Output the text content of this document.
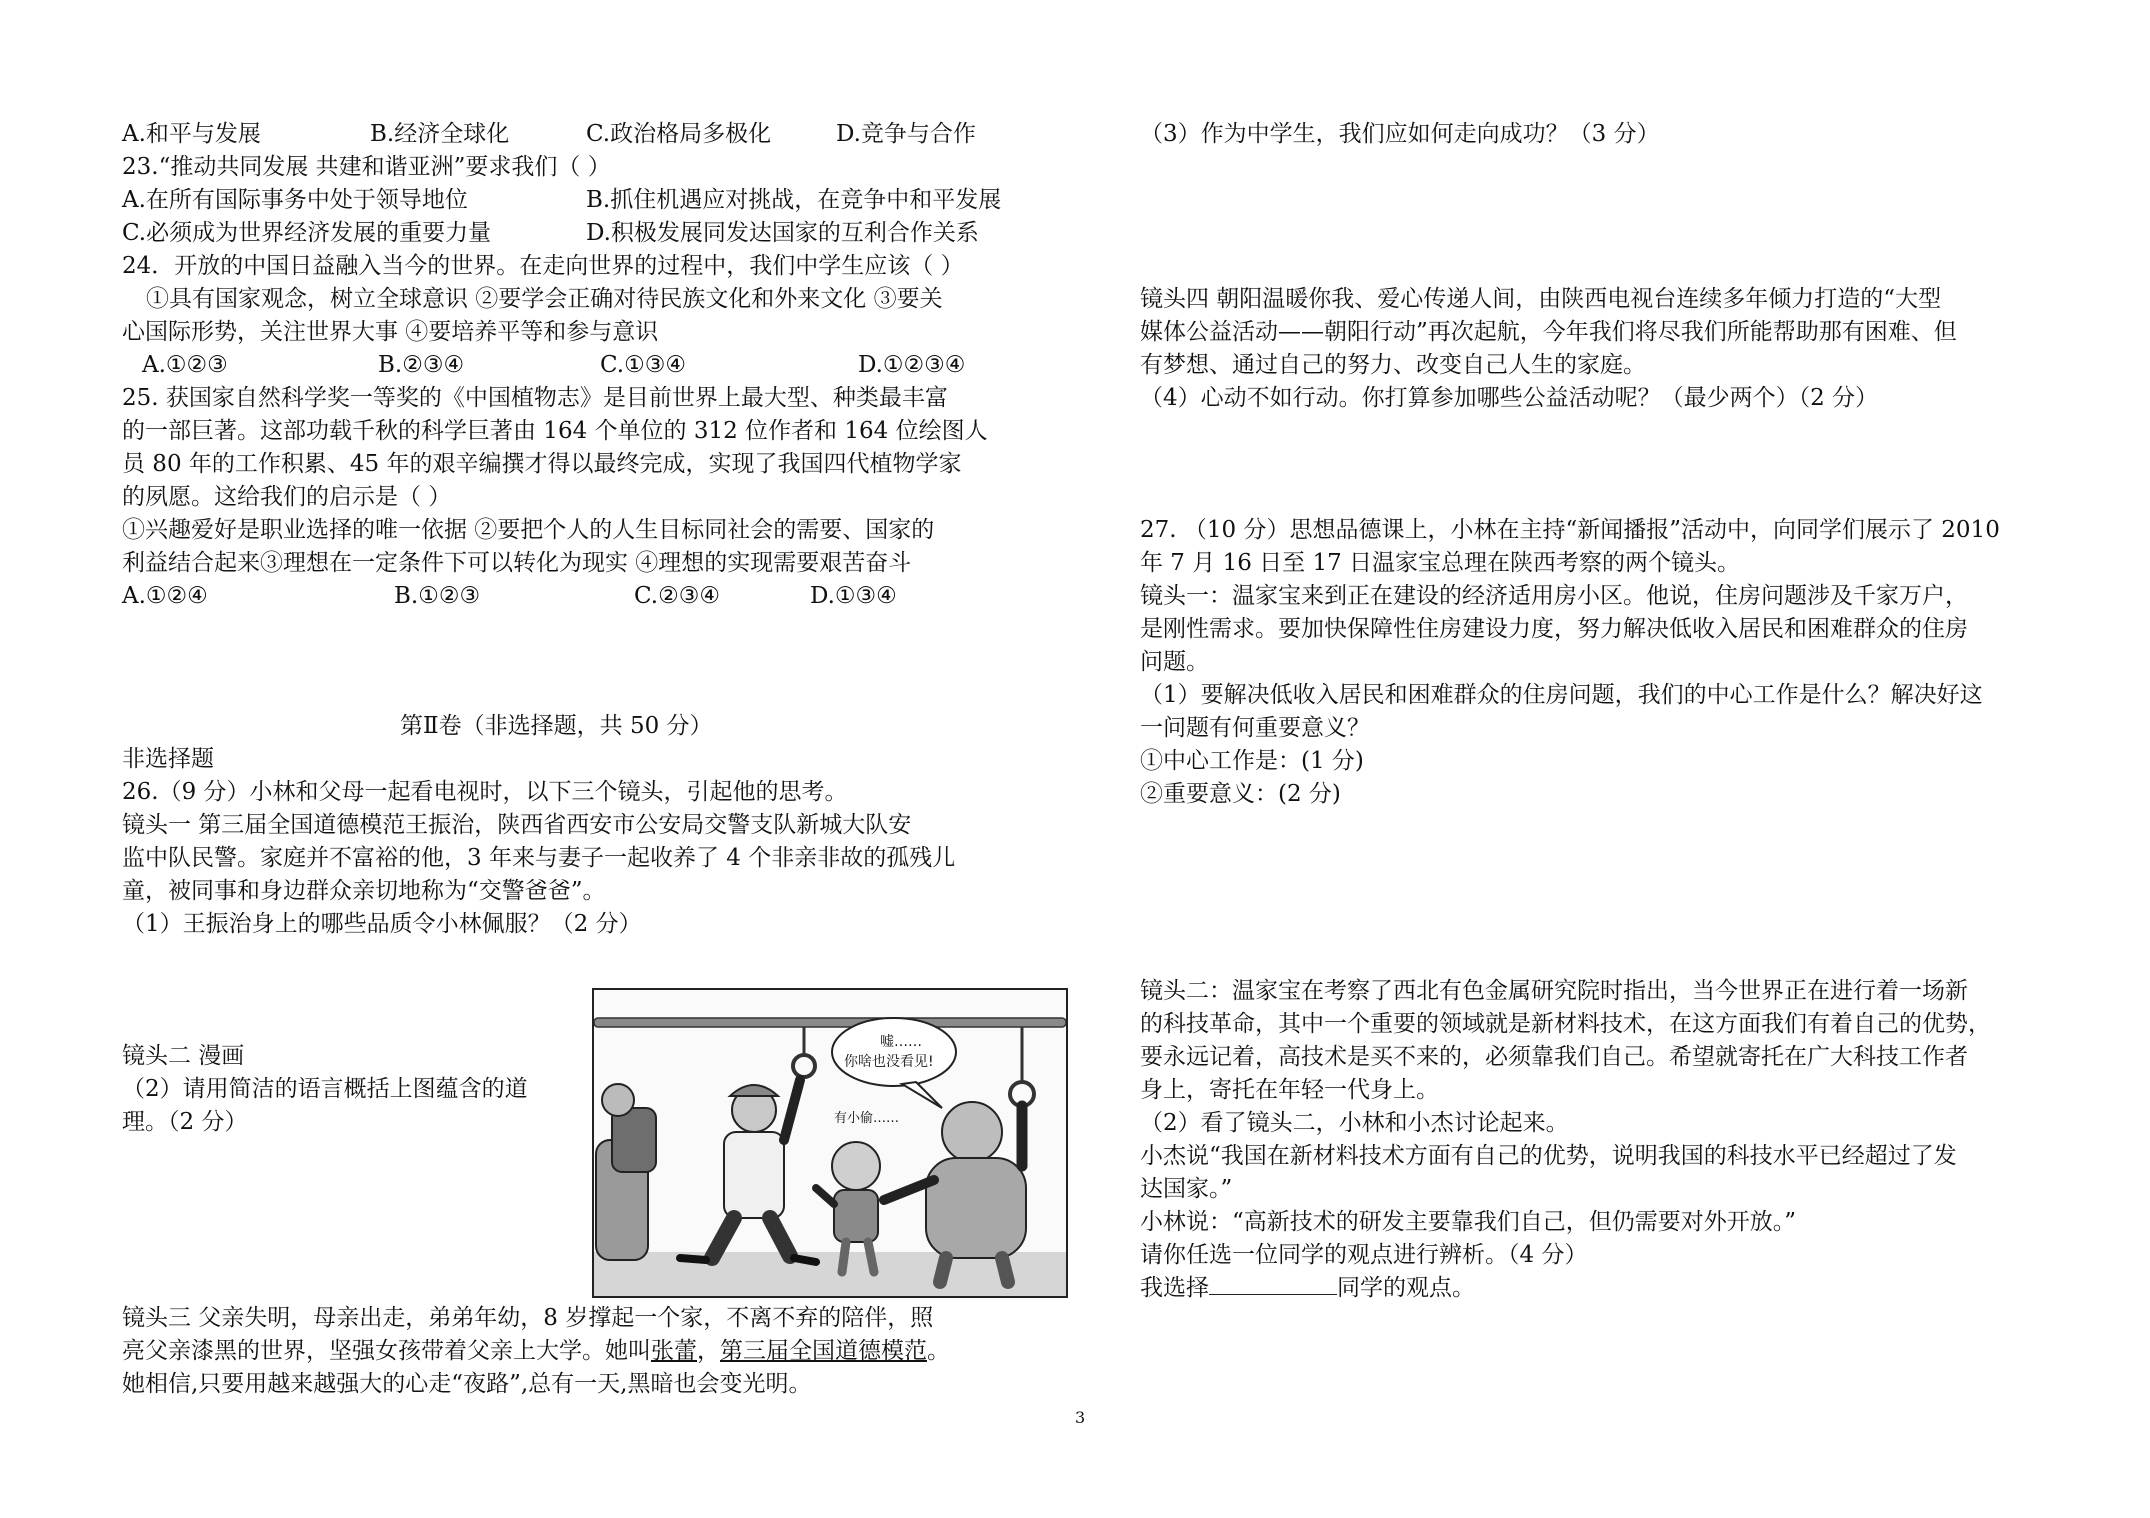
A.和平与发展	B.经济全球化	C.政治格局多极化	D.竞争与合作
23.“推动共同发展 共建和谐亚洲”要求我们（ ）
A.在所有国际事务中处于领导地位	B.抓住机遇应对挑战，在竞争中和平发展
C.必须成为世界经济发展的重要力量	D.积极发展同发达国家的互利合作关系
24．开放的中国日益融入当今的世界。在走向世界的过程中，我们中学生应该（ ）
①具有国家观念，树立全球意识 ②要学会正确对待民族文化和外来文化 ③要关
心国际形势，关注世界大事 ④要培养平等和参与意识
A.①②③	B.②③④	C.①③④	D.①②③④
25. 获国家自然科学奖一等奖的《中国植物志》是目前世界上最大型、种类最丰富
的一部巨著。这部功载千秋的科学巨著由 164 个单位的 312 位作者和 164 位绘图人
员 80 年的工作积累、45 年的艰辛编撰才得以最终完成，实现了我国四代植物学家
的夙愿。这给我们的启示是（ ）
①兴趣爱好是职业选择的唯一依据 ②要把个人的人生目标同社会的需要、国家的
利益结合起来③理想在一定条件下可以转化为现实 ④理想的实现需要艰苦奋斗
A.①②④	B.①②③	C.②③④	D.①③④
第Ⅱ卷（非选择题，共 50 分）
非选择题
26.（9 分）小林和父母一起看电视时，以下三个镜头，引起他的思考。
镜头一 第三届全国道德模范王振治，陕西省西安市公安局交警支队新城大队安
监中队民警。家庭并不富裕的他，3 年来与妻子一起收养了 4 个非亲非故的孤残儿
童，被同事和身边群众亲切地称为“交警爸爸”。
（1）王振治身上的哪些品质令小林佩服？（2 分）
镜头二 漫画
（2）请用简洁的语言概括上图蕴含的道
理。（2 分）
嘘……
你啥也没看见!
有小偷……
镜头三 父亲失明，母亲出走，弟弟年幼，8 岁撑起一个家，不离不弃的陪伴，照
亮父亲漆黑的世界，坚强女孩带着父亲上大学。她叫张蕾，第三届全国道德模范。
她相信,只要用越来越强大的心走“夜路”,总有一天,黑暗也会变光明。
（3）作为中学生，我们应如何走向成功？（3 分）
镜头四 朝阳温暖你我、爱心传递人间，由陕西电视台连续多年倾力打造的“大型
媒体公益活动——朝阳行动”再次起航，今年我们将尽我们所能帮助那有困难、但
有梦想、通过自己的努力、改变自己人生的家庭。
（4）心动不如行动。你打算参加哪些公益活动呢？（最少两个）（2 分）
27. （10 分）思想品德课上，小林在主持“新闻播报”活动中，向同学们展示了 2010
年 7 月 16 日至 17 日温家宝总理在陕西考察的两个镜头。
镜头一：温家宝来到正在建设的经济适用房小区。他说，住房问题涉及千家万户，
是刚性需求。要加快保障性住房建设力度，努力解决低收入居民和困难群众的住房
问题。
（1）要解决低收入居民和困难群众的住房问题，我们的中心工作是什么？解决好这
一问题有何重要意义？
①中心工作是：(1 分)
②重要意义：(2 分)
镜头二：温家宝在考察了西北有色金属研究院时指出，当今世界正在进行着一场新
的科技革命，其中一个重要的领域就是新材料技术，在这方面我们有着自己的优势，
要永远记着，高技术是买不来的，必须靠我们自己。希望就寄托在广大科技工作者
身上，寄托在年轻一代身上。
（2）看了镜头二，小林和小杰讨论起来。
小杰说“我国在新材料技术方面有自己的优势，说明我国的科技水平已经超过了发
达国家。”
小林说：“高新技术的研发主要靠我们自己，但仍需要对外开放。”
请你任选一位同学的观点进行辨析。（4 分）
我选择	同学的观点。
3
